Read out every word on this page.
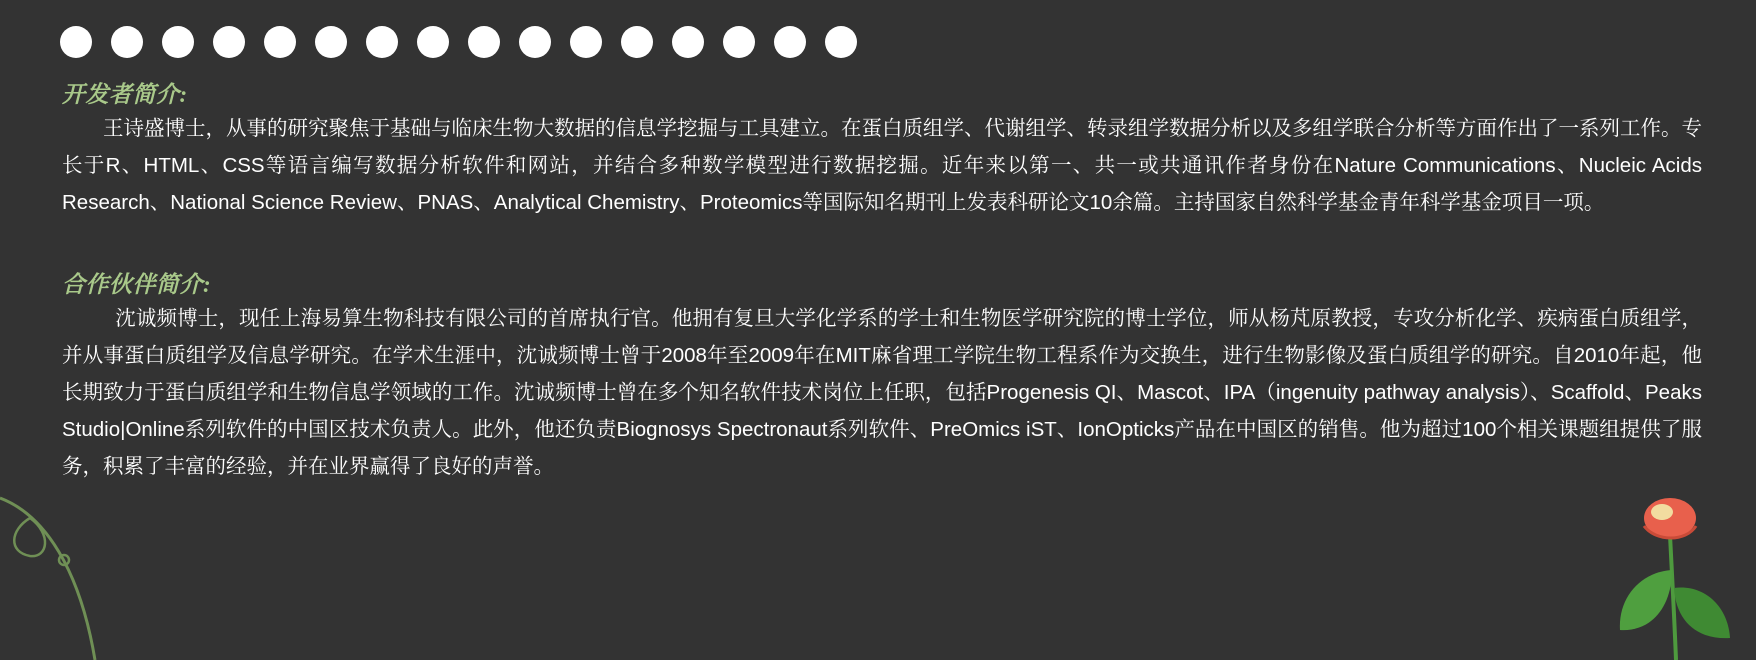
开发者简介:
王诗盛博士，从事的研究聚焦于基础与临床生物大数据的信息学挖掘与工具建立。在蛋白质组学、代谢组学、转录组学数据分析以及多组学联合分析等方面作出了一系列工作。专长于R、HTML、CSS等语言编写数据分析软件和网站，并结合多种数学模型进行数据挖掘。近年来以第一、共一或共通讯作者身份在Nature Communications、Nucleic Acids Research、National Science Review、PNAS、Analytical Chemistry、Proteomics等国际知名期刊上发表科研论文10余篇。主持国家自然科学基金青年科学基金项目一项。
合作伙伴简介:
沈诚频博士，现任上海易算生物科技有限公司的首席执行官。他拥有复旦大学化学系的学士和生物医学研究院的博士学位，师从杨芃原教授，专攻分析化学、疾病蛋白质组学，并从事蛋白质组学及信息学研究。在学术生涯中，沈诚频博士曾于2008年至2009年在MIT麻省理工学院生物工程系作为交换生，进行生物影像及蛋白质组学的研究。自2010年起，他长期致力于蛋白质组学和生物信息学领域的工作。沈诚频博士曾在多个知名软件技术岗位上任职，包括Progenesis QI、Mascot、IPA（ingenuity pathway analysis）、Scaffold、Peaks Studio|Online系列软件的中国区技术负责人。此外，他还负责Biognosys Spectronaut系列软件、PreOmics iST、IonOpticks产品在中国区的销售。他为超过100个相关课题组提供了服务，积累了丰富的经验，并在业界赢得了良好的声誉。
